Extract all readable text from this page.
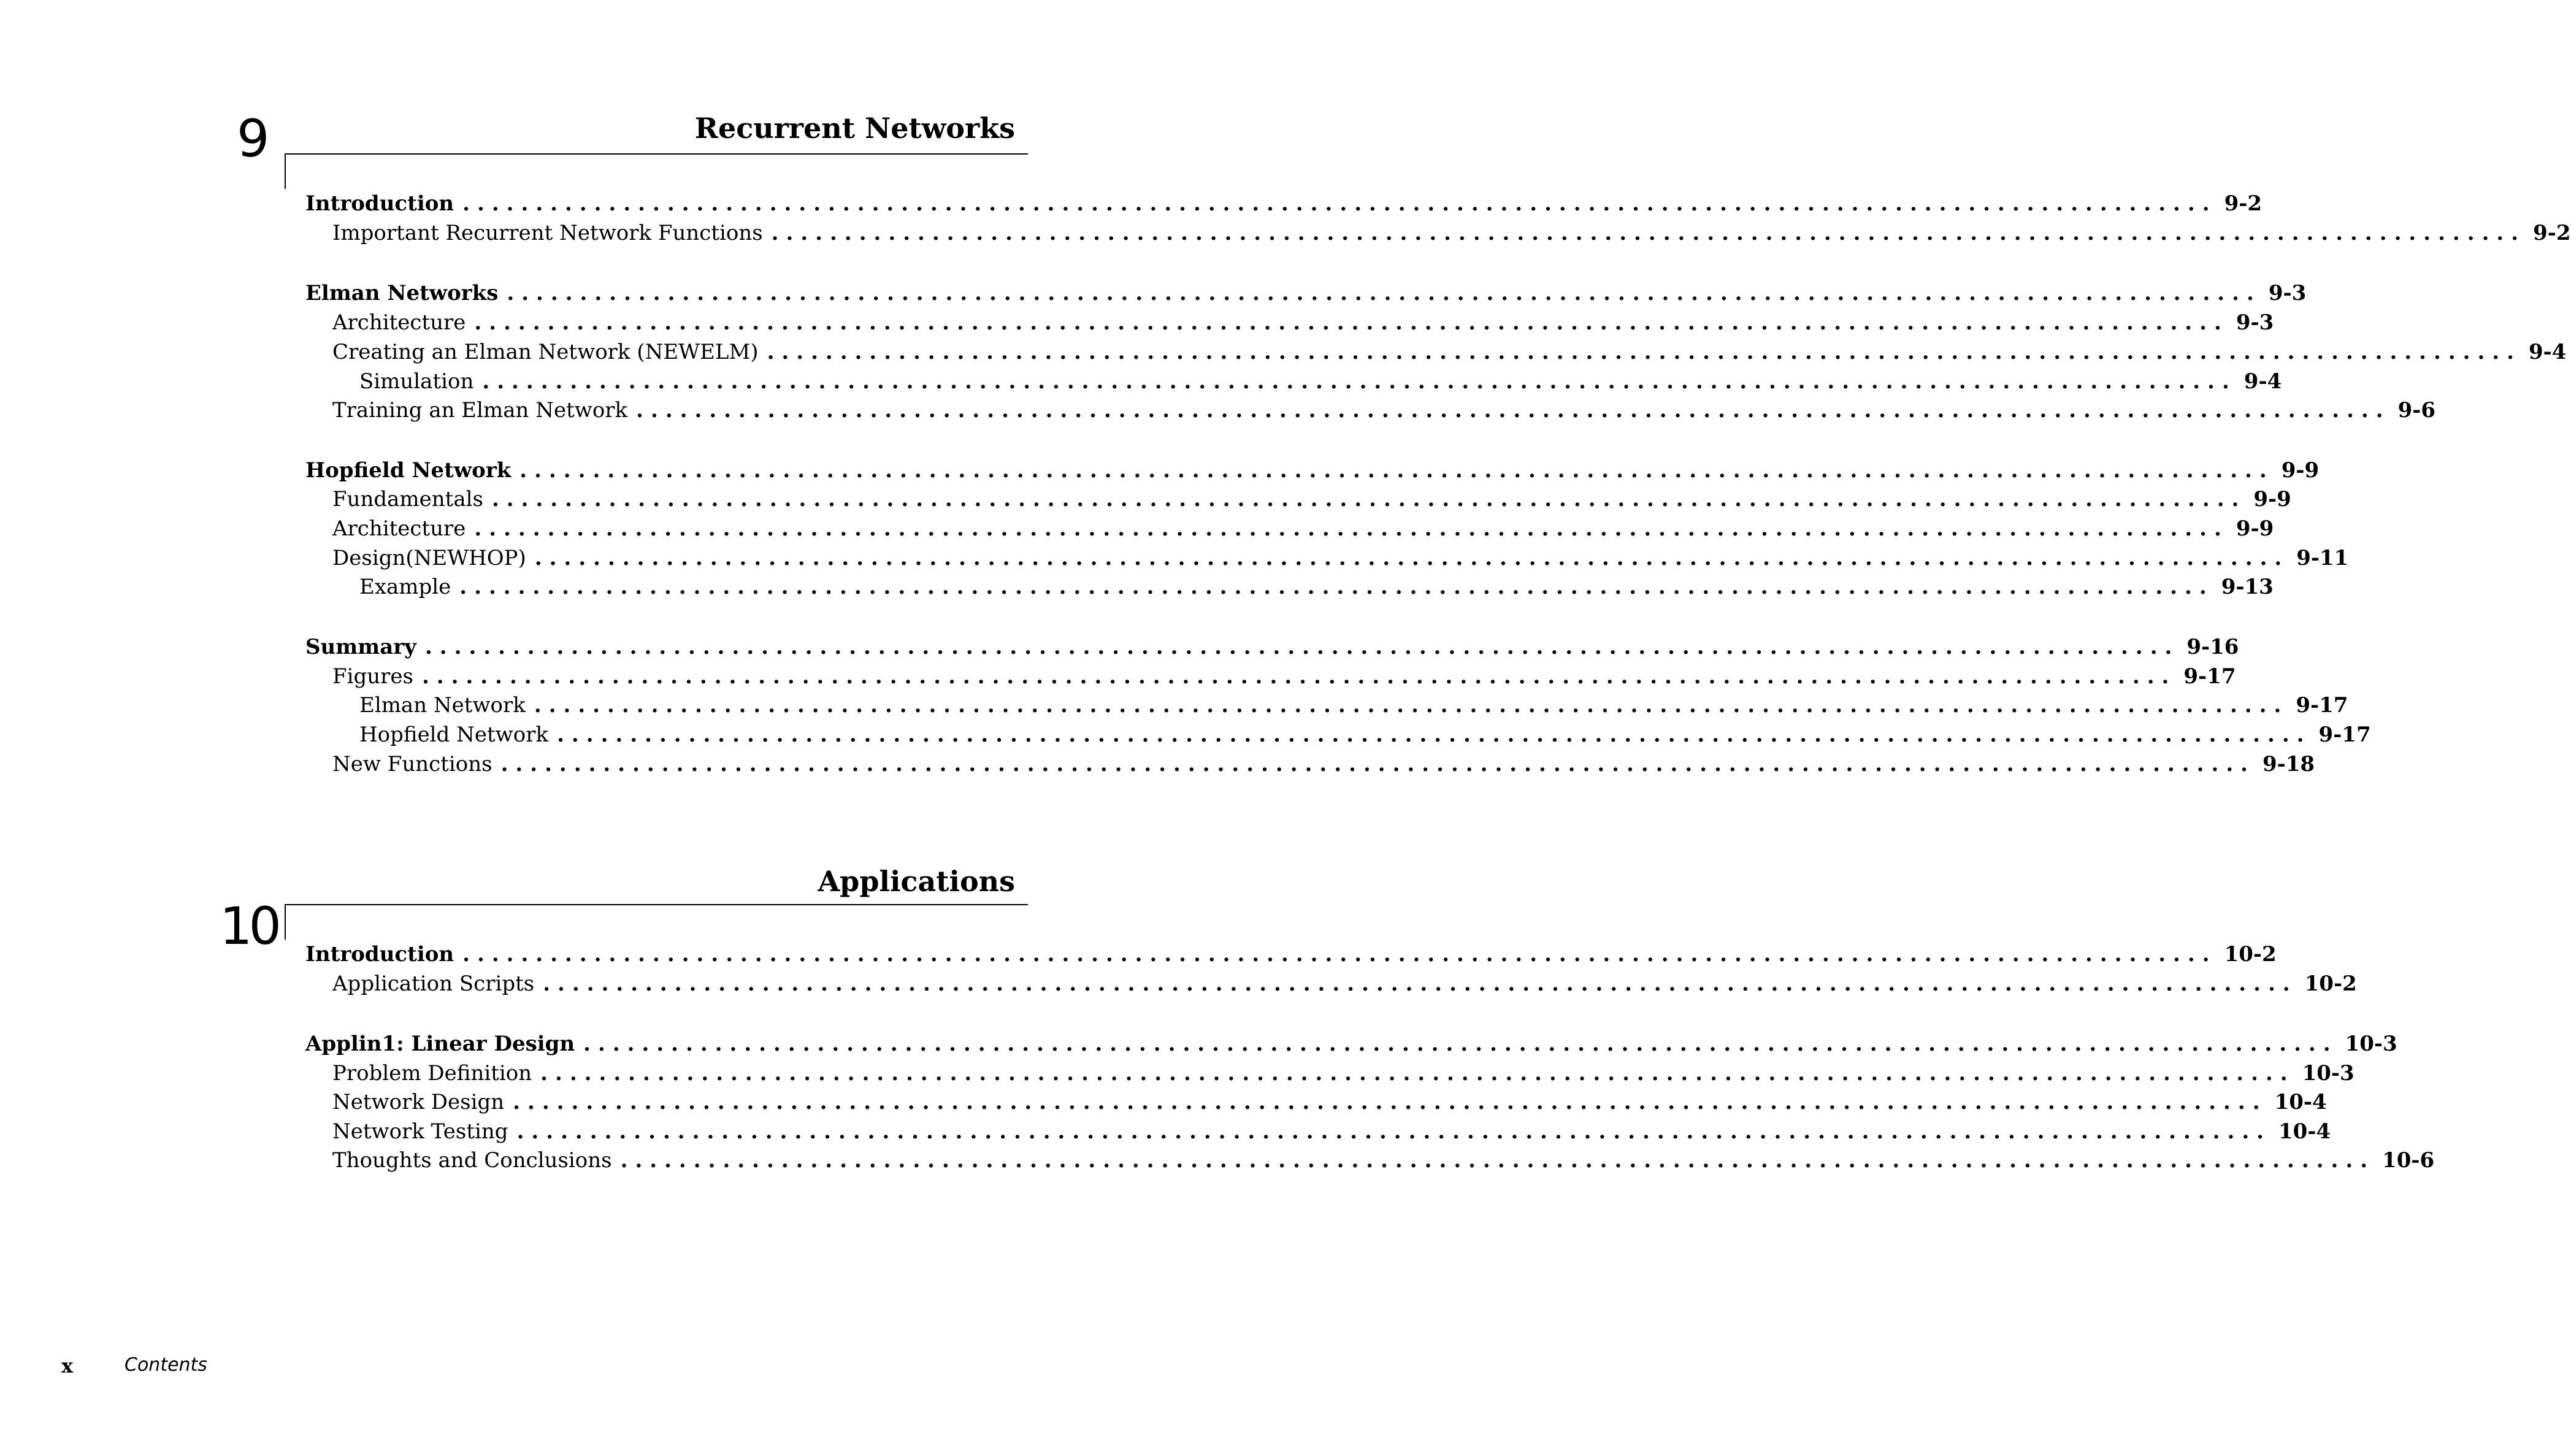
9	Recurrent Networks
Introduction ........................................................................................................................ 9-2
Important Recurrent Network Functions ........................................................................................................................ 9-2
Elman Networks ........................................................................................................................ 9-3
Architecture ........................................................................................................................ 9-3
Creating an Elman Network (NEWELM) ........................................................................................................................ 9-4
Simulation ........................................................................................................................ 9-4
Training an Elman Network ........................................................................................................................ 9-6
Hopfield Network ........................................................................................................................ 9-9
Fundamentals ........................................................................................................................ 9-9
Architecture ........................................................................................................................ 9-9
Design(NEWHOP) ........................................................................................................................ 9-11
Example ........................................................................................................................ 9-13
Summary ........................................................................................................................ 9-16
Figures ........................................................................................................................ 9-17
Elman Network ........................................................................................................................ 9-17
Hopfield Network ........................................................................................................................ 9-17
New Functions ........................................................................................................................ 9-18
Applications
10 Introduction ........................................................................................................................ 10-2
Application Scripts ........................................................................................................................ 10-2
Applin1: Linear Design ........................................................................................................................ 10-3
Problem Definition ........................................................................................................................ 10-3
Network Design ........................................................................................................................ 10-4
Network Testing ........................................................................................................................ 10-4
Thoughts and Conclusions ........................................................................................................................ 10-6
x	Contents
